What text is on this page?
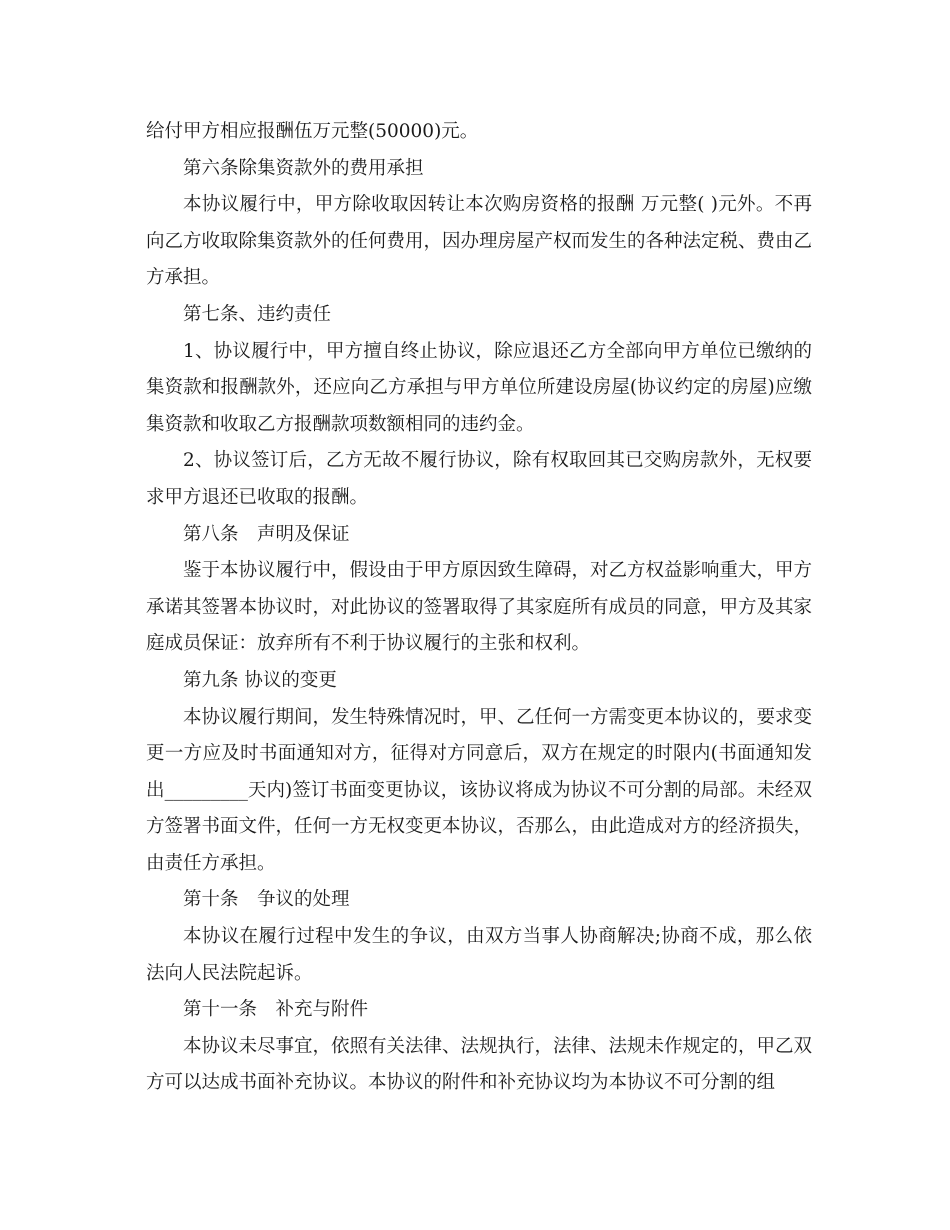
给付甲方相应报酬伍万元整(50000)元。

第六条除集资款外的费用承担

本协议履行中，甲方除收取因转让本次购房资格的报酬 万元整( )元外。不再向乙方收取除集资款外的任何费用，因办理房屋产权而发生的各种法定税、费由乙方承担。

第七条、违约责任

1、协议履行中，甲方擅自终止协议，除应退还乙方全部向甲方单位已缴纳的集资款和报酬款外，还应向乙方承担与甲方单位所建设房屋(协议约定的房屋)应缴集资款和收取乙方报酬款项数额相同的违约金。

2、协议签订后，乙方无故不履行协议，除有权取回其已交购房款外，无权要求甲方退还已收取的报酬。

第八条　声明及保证

鉴于本协议履行中，假设由于甲方原因致生障碍，对乙方权益影响重大，甲方承诺其签署本协议时，对此协议的签署取得了其家庭所有成员的同意，甲方及其家庭成员保证：放弃所有不利于协议履行的主张和权利。

第九条 协议的变更

本协议履行期间，发生特殊情况时，甲、乙任何一方需变更本协议的，要求变更一方应及时书面通知对方，征得对方同意后，双方在规定的时限内(书面通知发出_________天内)签订书面变更协议，该协议将成为协议不可分割的局部。未经双方签署书面文件，任何一方无权变更本协议，否那么，由此造成对方的经济损失，由责任方承担。

第十条　争议的处理

本协议在履行过程中发生的争议，由双方当事人协商解决;协商不成，那么依法向人民法院起诉。

第十一条　补充与附件

本协议未尽事宜，依照有关法律、法规执行，法律、法规未作规定的，甲乙双方可以达成书面补充协议。本协议的附件和补充协议均为本协议不可分割的组
